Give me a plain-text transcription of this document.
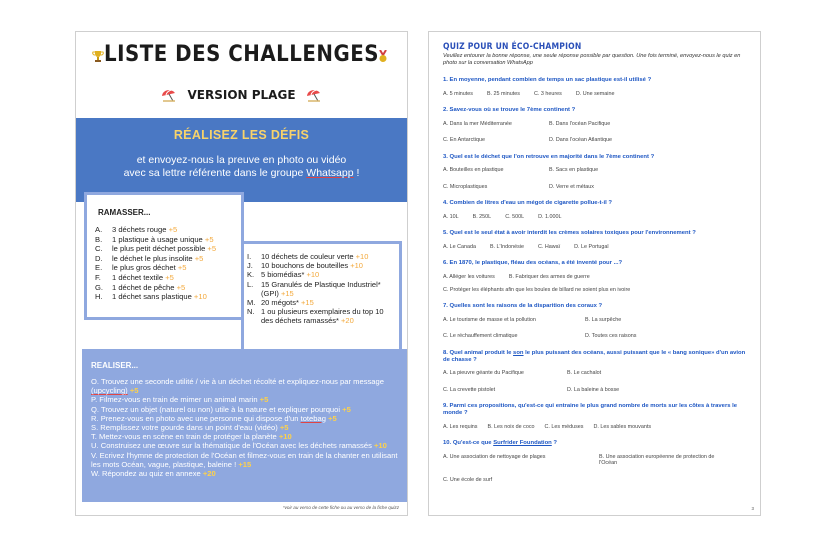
LISTE DES CHALLENGES
VERSION PLAGE
RÉALISEZ LES DÉFIS
et envoyez-nous la preuve en photo ou vidéo
avec sa lettre référente dans le groupe Whatsapp !
RAMASSER...
A.	3 déchets rouge +5
B.	1 plastique à usage unique +5
C.	le plus petit déchet possible +5
D.	le déchet le plus insolite +5
E.	le plus gros déchet +5
F.	1 déchet textile +5
G.	1 déchet de pêche +5
H.	1 déchet sans plastique +10
I.	10 déchets de couleur verte +10
J.	10 bouchons de bouteilles +10
K. 5 biomédias* +10
L.	15 Granulés de Plastique Industriel* (GPI) +15
M. 20 mégots* +15
N. 1 ou plusieurs exemplaires du top 10 des déchets ramassés* +20
REALISER...
O. Trouvez une seconde utilité / vie à un déchet récolté et expliquez-nous par message (upcycling) +5
P. Filmez-vous en train de mimer un animal marin +5
Q. Trouvez un objet (naturel ou non) utile à la nature et expliquer pourquoi +5
R. Prenez-vous en photo avec une personne qui dispose d'un totebag +5
S. Remplissez votre gourde dans un point d'eau (vidéo) +5
T. Mettez-vous en scène en train de protéger la planète +10
U. Construisez une œuvre sur la thématique de l'Océan avec les déchets ramassés +10
V. Ecrivez l'hymne de protection de l'Océan et filmez-vous en train de la chanter en utilisant les mots Océan, vague, plastique, baleine ! +15
W. Répondez au quiz en annexe +20
*voir au verso de cette fiche ou au verso de la fiche quizz
QUIZ POUR UN ÉCO-CHAMPION
Veuillez entourer la bonne réponse, une seule réponse possible par question. Une fois terminé, envoyez-nous le quiz en photo sur la conversation WhatsApp
1. En moyenne, pendant combien de temps un sac plastique est-il utilisé ?
A. 5 minutes	B. 25 minutes	C. 3 heures	D. Une semaine
2. Savez-vous où se trouve le 7ème continent ?
A. Dans la mer Méditerranée	B. Dans l'océan Pacifique
C. En Antarctique	D. Dans l'océan Atlantique
3. Quel est le déchet que l'on retrouve en majorité dans le 7ème continent ?
A. Bouteilles en plastique	B. Sacs en plastique
C. Microplastiques	D. Verre et métaux
4. Combien de litres d'eau un mégot de cigarette pollue-t-il ?
A. 10L	B. 250L	C. 500L	D. 1.000L
5. Quel est le seul état à avoir interdit les crèmes solaires toxiques pour l'environnement ?
A. Le Canada	B. L'Indonésie	C. Hawaï	D. Le Portugal
6. En 1870, le plastique, fléau des océans, a été inventé pour ...?
A. Alléger les voitures	B. Fabriquer des armes de guerre
C. Protéger les éléphants afin que les boules de billard ne soient plus en ivoire
7. Quelles sont les raisons de la disparition des coraux ?
A. Le tourisme de masse et la pollution	B. La surpêche
C. Le réchauffement climatique	D. Toutes ces raisons
8. Quel animal produit le son le plus puissant des océans, aussi puissant que le « bang sonique» d'un avion de chasse ?
A. La pieuvre géante du Pacifique	B. Le cachalot
C. La crevette pistolet	D. La baleine à bosse
9. Parmi ces propositions, qu'est-ce qui entraine le plus grand nombre de morts sur les côtes à travers le monde ?
A. Les requins B. Les noix de coco C. Les méduses D. Les sables mouvants
10. Qu'est-ce que Surfrider Foundation ?
A. Une association de nettoyage de plages	B. Une association européenne de protection de l'Océan
C. Une école de surf
3
